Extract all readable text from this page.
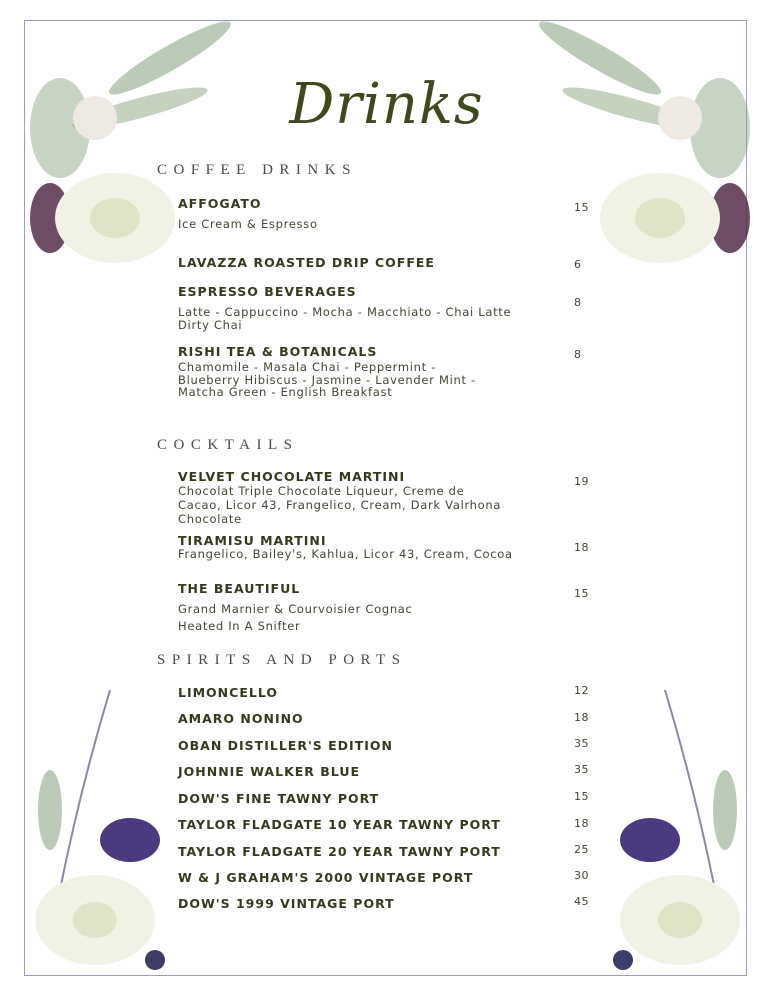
Drinks
COFFEE DRINKS
AFFOGATO
Ice Cream & Espresso
15
LAVAZZA ROASTED DRIP COFFEE	6
ESPRESSO BEVERAGES
Latte - Cappuccino - Mocha - Macchiato - Chai Latte
Dirty Chai
8
RISHI TEA & BOTANICALS
Chamomile - Masala Chai - Peppermint -
Blueberry Hibiscus - Jasmine - Lavender Mint -
Matcha Green - English Breakfast
8
COCKTAILS
VELVET CHOCOLATE MARTINI
Chocolat Triple Chocolate Liqueur, Creme de
Cacao, Licor 43, Frangelico, Cream, Dark Valrhona
Chocolate
19
TIRAMISU MARTINI
Frangelico, Bailey's, Kahlua, Licor 43, Cream, Cocoa	18
THE BEAUTIFUL
Grand Marnier & Courvoisier Cognac
Heated In A Snifter
15
SPIRITS AND PORTS
LIMONCELLO	12
AMARO NONINO	18
OBAN DISTILLER'S EDITION	35
JOHNNIE WALKER BLUE	35
DOW'S FINE TAWNY PORT	15
TAYLOR FLADGATE 10 YEAR TAWNY PORT	18
TAYLOR FLADGATE 20 YEAR TAWNY PORT	25
W & J GRAHAM'S 2000 VINTAGE PORT	30
DOW'S 1999 VINTAGE PORT	45
